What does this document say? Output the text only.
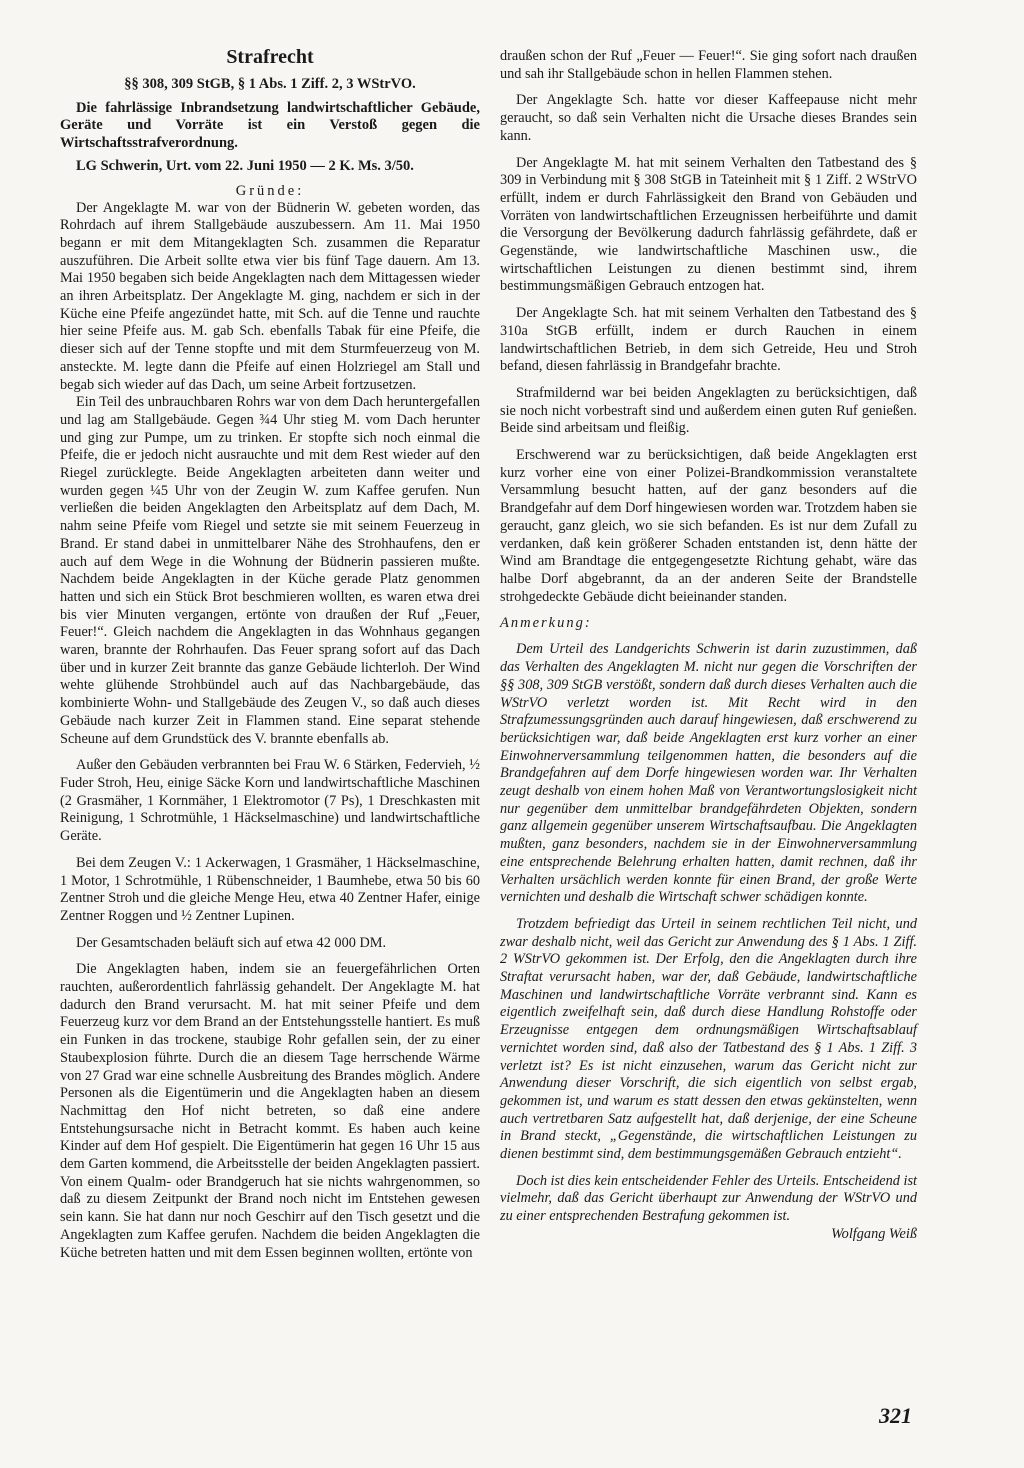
Strafrecht

§§ 308, 309 StGB, § 1 Abs. 1 Ziff. 2, 3 WStrVO.

Die fahrlässige Inbrandsetzung landwirtschaftlicher Gebäude, Geräte und Vorräte ist ein Verstoß gegen die Wirtschaftsstrafverordnung.

LG Schwerin, Urt. vom 22. Juni 1950 — 2 K. Ms. 3/50.

Gründe:

Der Angeklagte M. war von der Büdnerin W. gebeten worden, das Rohrdach auf ihrem Stallgebäude auszubessern. Am 11. Mai 1950 begann er mit dem Mitangeklagten Sch. zusammen die Reparatur auszuführen. Die Arbeit sollte etwa vier bis fünf Tage dauern. Am 13. Mai 1950 begaben sich beide Angeklagten nach dem Mittagessen wieder an ihren Arbeitsplatz. Der Angeklagte M. ging, nachdem er sich in der Küche eine Pfeife angezündet hatte, mit Sch. auf die Tenne und rauchte hier seine Pfeife aus. M. gab Sch. ebenfalls Tabak für eine Pfeife, die dieser sich auf der Tenne stopfte und mit dem Sturmfeuerzeug von M. ansteckte. M. legte dann die Pfeife auf einen Holzriegel am Stall und begab sich wieder auf das Dach, um seine Arbeit fortzusetzen.

Ein Teil des unbrauchbaren Rohrs war von dem Dach heruntergefallen und lag am Stallgebäude. Gegen ¾4 Uhr stieg M. vom Dach herunter und ging zur Pumpe, um zu trinken. Er stopfte sich noch einmal die Pfeife, die er jedoch nicht ausrauchte und mit dem Rest wieder auf den Riegel zurücklegte. Beide Angeklagten arbeiteten dann weiter und wurden gegen ¼5 Uhr von der Zeugin W. zum Kaffee gerufen. Nun verließen die beiden Angeklagten den Arbeitsplatz auf dem Dach, M. nahm seine Pfeife vom Riegel und setzte sie mit seinem Feuerzeug in Brand. Er stand dabei in unmittelbarer Nähe des Strohhaufens, den er auch auf dem Wege in die Wohnung der Büdnerin passieren mußte. Nachdem beide Angeklagten in der Küche gerade Platz genommen hatten und sich ein Stück Brot beschmieren wollten, es waren etwa drei bis vier Minuten vergangen, ertönte von draußen der Ruf „Feuer, Feuer!“. Gleich nachdem die Angeklagten in das Wohnhaus gegangen waren, brannte der Rohrhaufen. Das Feuer sprang sofort auf das Dach über und in kurzer Zeit brannte das ganze Gebäude lichterloh. Der Wind wehte glühende Strohbündel auch auf das Nachbargebäude, das kombinierte Wohn- und Stallgebäude des Zeugen V., so daß auch dieses Gebäude nach kurzer Zeit in Flammen stand. Eine separat stehende Scheune auf dem Grundstück des V. brannte ebenfalls ab.

Außer den Gebäuden verbrannten bei Frau W. 6 Stärken, Federvieh, ½ Fuder Stroh, Heu, einige Säcke Korn und landwirtschaftliche Maschinen (2 Grasmäher, 1 Kornmäher, 1 Elektromotor (7 Ps), 1 Dreschkasten mit Reinigung, 1 Schrotmühle, 1 Häckselmaschine) und landwirtschaftliche Geräte.

Bei dem Zeugen V.: 1 Ackerwagen, 1 Grasmäher, 1 Häckselmaschine, 1 Motor, 1 Schrotmühle, 1 Rübenschneider, 1 Baumhebe, etwa 50 bis 60 Zentner Stroh und die gleiche Menge Heu, etwa 40 Zentner Hafer, einige Zentner Roggen und ½ Zentner Lupinen.

Der Gesamtschaden beläuft sich auf etwa 42 000 DM.

Die Angeklagten haben, indem sie an feuergefährlichen Orten rauchten, außerordentlich fahrlässig gehandelt. Der Angeklagte M. hat dadurch den Brand verursacht. M. hat mit seiner Pfeife und dem Feuerzeug kurz vor dem Brand an der Entstehungsstelle hantiert. Es muß ein Funken in das trockene, staubige Rohr gefallen sein, der zu einer Staubexplosion führte. Durch die an diesem Tage herrschende Wärme von 27 Grad war eine schnelle Ausbreitung des Brandes möglich. Andere Personen als die Eigentümerin und die Angeklagten haben an diesem Nachmittag den Hof nicht betreten, so daß eine andere Entstehungsursache nicht in Betracht kommt. Es haben auch keine Kinder auf dem Hof gespielt. Die Eigentümerin hat gegen 16 Uhr 15 aus dem Garten kommend, die Arbeitsstelle der beiden Angeklagten passiert. Von einem Qualm- oder Brandgeruch hat sie nichts wahrgenommen, so daß zu diesem Zeitpunkt der Brand noch nicht im Entstehen gewesen sein kann. Sie hat dann nur noch Geschirr auf den Tisch gesetzt und die Angeklagten zum Kaffee gerufen. Nachdem die beiden Angeklagten die Küche betreten hatten und mit dem Essen beginnen wollten, ertönte von

draußen schon der Ruf „Feuer — Feuer!“. Sie ging sofort nach draußen und sah ihr Stallgebäude schon in hellen Flammen stehen.

Der Angeklagte Sch. hatte vor dieser Kaffeepause nicht mehr geraucht, so daß sein Verhalten nicht die Ursache dieses Brandes sein kann.

Der Angeklagte M. hat mit seinem Verhalten den Tatbestand des § 309 in Verbindung mit § 308 StGB in Tateinheit mit § 1 Ziff. 2 WStrVO erfüllt, indem er durch Fahrlässigkeit den Brand von Gebäuden und Vorräten von landwirtschaftlichen Erzeugnissen herbeiführte und damit die Versorgung der Bevölkerung dadurch fahrlässig gefährdete, daß er Gegenstände, wie landwirtschaftliche Maschinen usw., die wirtschaftlichen Leistungen zu dienen bestimmt sind, ihrem bestimmungsmäßigen Gebrauch entzogen hat.

Der Angeklagte Sch. hat mit seinem Verhalten den Tatbestand des § 310a StGB erfüllt, indem er durch Rauchen in einem landwirtschaftlichen Betrieb, in dem sich Getreide, Heu und Stroh befand, diesen fahrlässig in Brandgefahr brachte.

Strafmildernd war bei beiden Angeklagten zu berücksichtigen, daß sie noch nicht vorbestraft sind und außerdem einen guten Ruf genießen. Beide sind arbeitsam und fleißig.

Erschwerend war zu berücksichtigen, daß beide Angeklagten erst kurz vorher eine von einer Polizei-Brandkommission veranstaltete Versammlung besucht hatten, auf der ganz besonders auf die Brandgefahr auf dem Dorf hingewiesen worden war. Trotzdem haben sie geraucht, ganz gleich, wo sie sich befanden. Es ist nur dem Zufall zu verdanken, daß kein größerer Schaden entstanden ist, denn hätte der Wind am Brandtage die entgegengesetzte Richtung gehabt, wäre das halbe Dorf abgebrannt, da an der anderen Seite der Brandstelle strohgedeckte Gebäude dicht beieinander standen.

Anmerkung:

Dem Urteil des Landgerichts Schwerin ist darin zuzustimmen, daß das Verhalten des Angeklagten M. nicht nur gegen die Vorschriften der §§ 308, 309 StGB verstößt, sondern daß durch dieses Verhalten auch die WStrVO verletzt worden ist. Mit Recht wird in den Strafzumessungsgründen auch darauf hingewiesen, daß erschwerend zu berücksichtigen war, daß beide Angeklagten erst kurz vorher an einer Einwohnerversammlung teilgenommen hatten, die besonders auf die Brandgefahren auf dem Dorfe hingewiesen worden war. Ihr Verhalten zeugt deshalb von einem hohen Maß von Verantwortungslosigkeit nicht nur gegenüber dem unmittelbar brandgefährdeten Objekten, sondern ganz allgemein gegenüber unserem Wirtschaftsaufbau. Die Angeklagten mußten, ganz besonders, nachdem sie in der Einwohnerversammlung eine entsprechende Belehrung erhalten hatten, damit rechnen, daß ihr Verhalten ursächlich werden konnte für einen Brand, der große Werte vernichten und deshalb die Wirtschaft schwer schädigen konnte.

Trotzdem befriedigt das Urteil in seinem rechtlichen Teil nicht, und zwar deshalb nicht, weil das Gericht zur Anwendung des § 1 Abs. 1 Ziff. 2 WStrVO gekommen ist. Der Erfolg, den die Angeklagten durch ihre Straftat verursacht haben, war der, daß Gebäude, landwirtschaftliche Maschinen und landwirtschaftliche Vorräte verbrannt sind. Kann es eigentlich zweifelhaft sein, daß durch diese Handlung Rohstoffe oder Erzeugnisse entgegen dem ordnungsmäßigen Wirtschaftsablauf vernichtet worden sind, daß also der Tatbestand des § 1 Abs. 1 Ziff. 3 verletzt ist? Es ist nicht einzusehen, warum das Gericht nicht zur Anwendung dieser Vorschrift, die sich eigentlich von selbst ergab, gekommen ist, und warum es statt dessen den etwas gekünstelten, wenn auch vertretbaren Satz aufgestellt hat, daß derjenige, der eine Scheune in Brand steckt, „Gegenstände, die wirtschaftlichen Leistungen zu dienen bestimmt sind, dem bestimmungsgemäßen Gebrauch entzieht“.

Doch ist dies kein entscheidender Fehler des Urteils. Entscheidend ist vielmehr, daß das Gericht überhaupt zur Anwendung der WStrVO und zu einer entsprechenden Bestrafung gekommen ist.

Wolfgang Weiß

321
